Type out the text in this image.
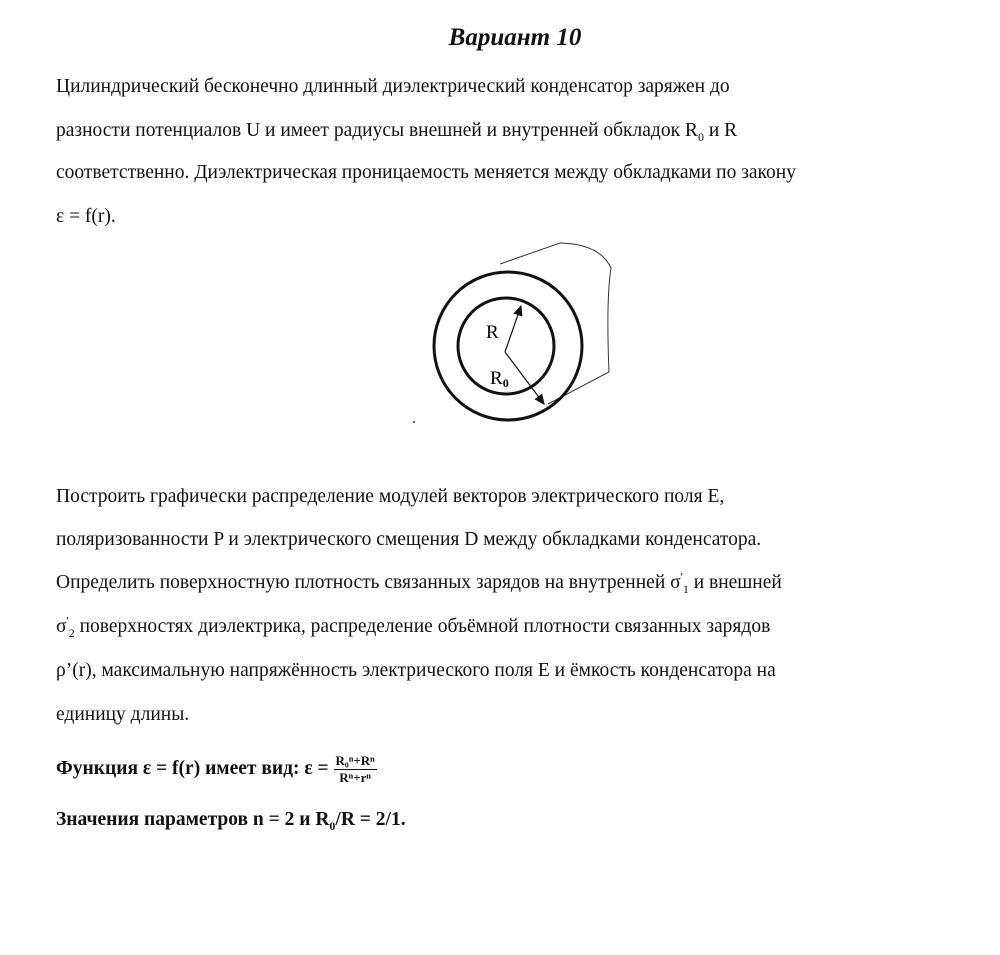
Вариант 10
Цилиндрический бесконечно длинный диэлектрический конденсатор заряжен до
разности потенциалов U и имеет радиусы внешней и внутренней обкладок $R_0$ и R
соответственно. Диэлектрическая проницаемость меняется между обкладками по закону
ε = f(r).
R
R0
Построить графически распределение модулей векторов электрического поля E,
поляризованности P и электрического смещения D между обкладками конденсатора.
Определить поверхностную плотность связанных зарядов на внутренней $\sigma'_1$ и внешней
$\sigma'_2$ поверхностях диэлектрика, распределение объёмной плотности связанных зарядов
ρ’(r), максимальную напряжённость электрического поля E и ёмкость конденсатора на
единицу длины.
Функция ε = f(r) имеет вид: $\varepsilon = \frac{\text{R₀ⁿ+Rⁿ}}{\text{Rⁿ+rⁿ}}$
Значения параметров n = 2 и $R_0/R = 2/1$.
